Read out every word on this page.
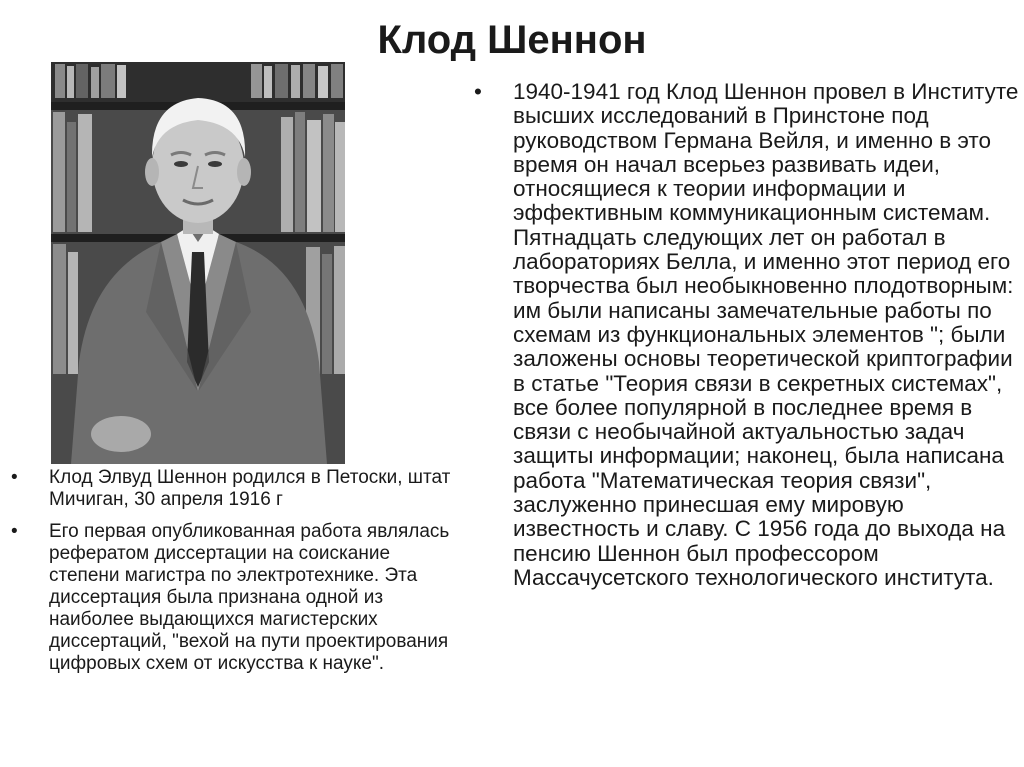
Клод Шеннон
• Клод Элвуд Шеннон родился в Петоски, штат Мичиган, 30 апреля 1916 г
• Его первая опубликованная работа являлась рефератом диссертации на соискание степени магистра по электротехнике. Эта диссертация была признана одной из наиболее выдающихся магистерских диссертаций, "вехой на пути проектирования цифровых схем от искусства к науке".
• 1940-1941 год Клод Шеннон провел в Институте высших исследований в Принстоне под руководством Германа Вейля, и именно в это время он начал всерьез развивать идеи, относящиеся к теории информации и эффективным коммуникационным системам. Пятнадцать следующих лет он работал в лабораториях Белла, и именно этот период его творчества был необыкновенно плодотворным: им были написаны замечательные работы по схемам из функциональных элементов "; были заложены основы теоретической криптографии в статье "Теория связи в секретных системах", все более популярной в последнее время в связи с необычайной актуальностью задач защиты информации; наконец, была написана работа "Математическая теория связи", заслуженно принесшая ему мировую известность и славу. С 1956 года до выхода на пенсию Шеннон был профессором Массачусетского технологического института.
